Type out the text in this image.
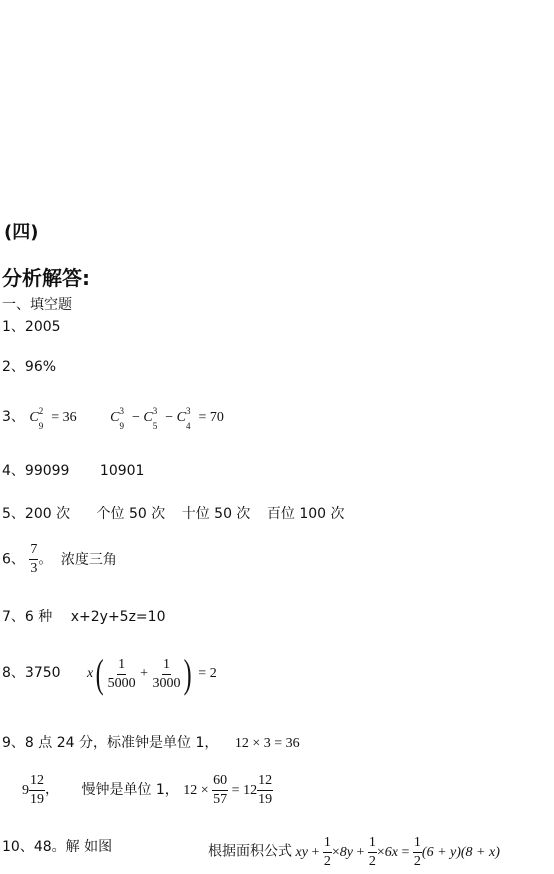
(四)
分析解答:
一、填空题
1、2005
2、96%
3、 C 2
9
= 36 C 3
9
− C 3
5
− C 3
4
= 70
4、99099 10901
5、200 次 个位 50 次 十位 50 次 百位 100 次
6、 $\frac{7}{3}$ 。 浓度三角
7、6 种 x+2y+5z=10
8、3750 $x( \frac{1}{5000} + \frac{1}{3000}$ ) = 2
9、8 点 24 分，标准钟是单位 1， 12 × 3 = 36
$9 \frac{12}{19}$ ， 慢钟是单位 1， $12 \times \frac{60}{57} = 12 \frac{12}{19}$
10、48。解 如图	根据面积公式 xy + $\frac{1}{2} \times 8y + \frac{1}{2} \times 6x = \frac{1}{2} (6 + y)(8 + x)$
